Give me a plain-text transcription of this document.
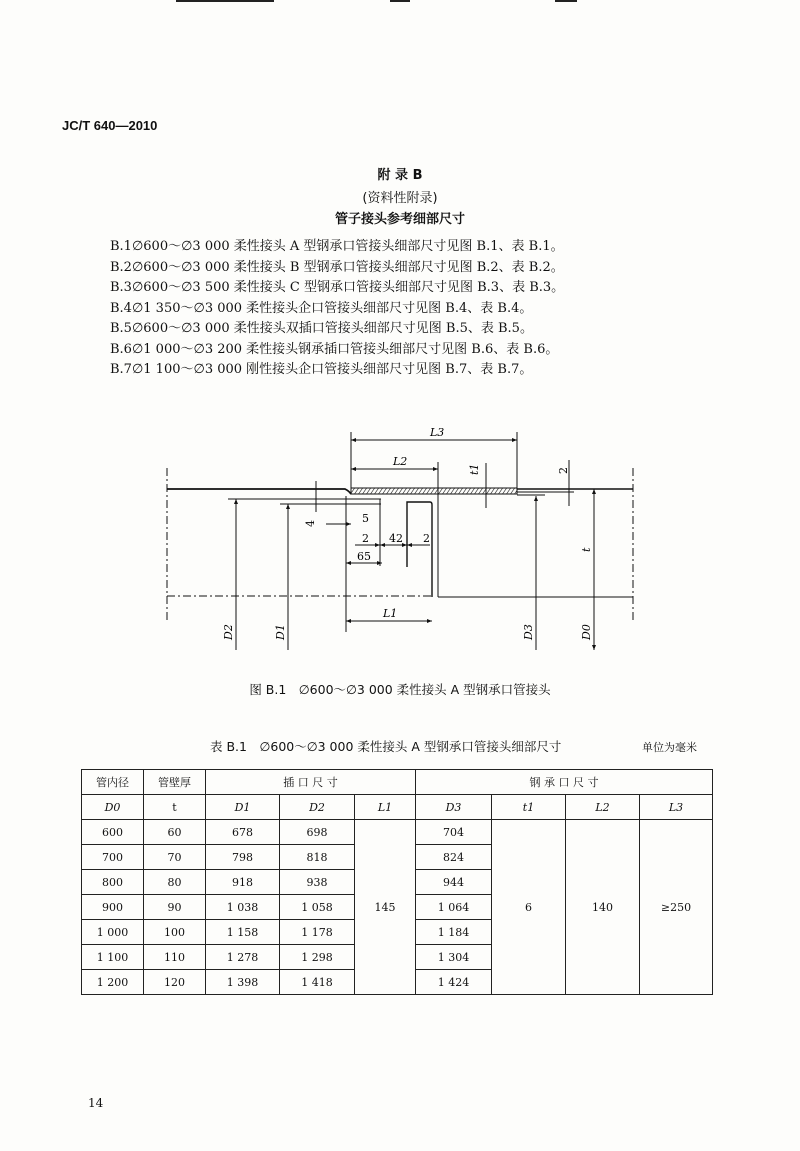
JC/T 640—2010
附 录 B
(资料性附录)
管子接头参考细部尺寸
B.1∅600～∅3 000 柔性接头 A 型钢承口管接头细部尺寸见图 B.1、表 B.1。
B.2∅600～∅3 000 柔性接头 B 型钢承口管接头细部尺寸见图 B.2、表 B.2。
B.3∅600～∅3 500 柔性接头 C 型钢承口管接头细部尺寸见图 B.3、表 B.3。
B.4∅1 350～∅3 000 柔性接头企口管接头细部尺寸见图 B.4、表 B.4。
B.5∅600～∅3 000 柔性接头双插口管接头细部尺寸见图 B.5、表 B.5。
B.6∅1 000～∅3 200 柔性接头钢承插口管接头细部尺寸见图 B.6、表 B.6。
B.7∅1 100～∅3 000 刚性接头企口管接头细部尺寸见图 B.7、表 B.7。
L3
L2
t1
L1
D2	D1	D3	D0
t
2
4	5
2 42 2
65
图 B.1　∅600～∅3 000 柔性接头 A 型钢承口管接头
表 B.1　∅600～∅3 000 柔性接头 A 型钢承口管接头细部尺寸	单位为毫米
管内径	管壁厚	插 口 尺 寸			钢 承 口 尺 寸			
D0	t	D1	D2	L1	D3	t1	L2	L3
600	60	678	698	145	704	6	140	≥250
700	70	798	818		824			
800	80	918	938		944			
900	90	1 038	1 058		1 064			
1 000	100	1 158	1 178		1 184			
1 100	110	1 278	1 298		1 304			
1 200	120	1 398	1 418		1 424			
14
